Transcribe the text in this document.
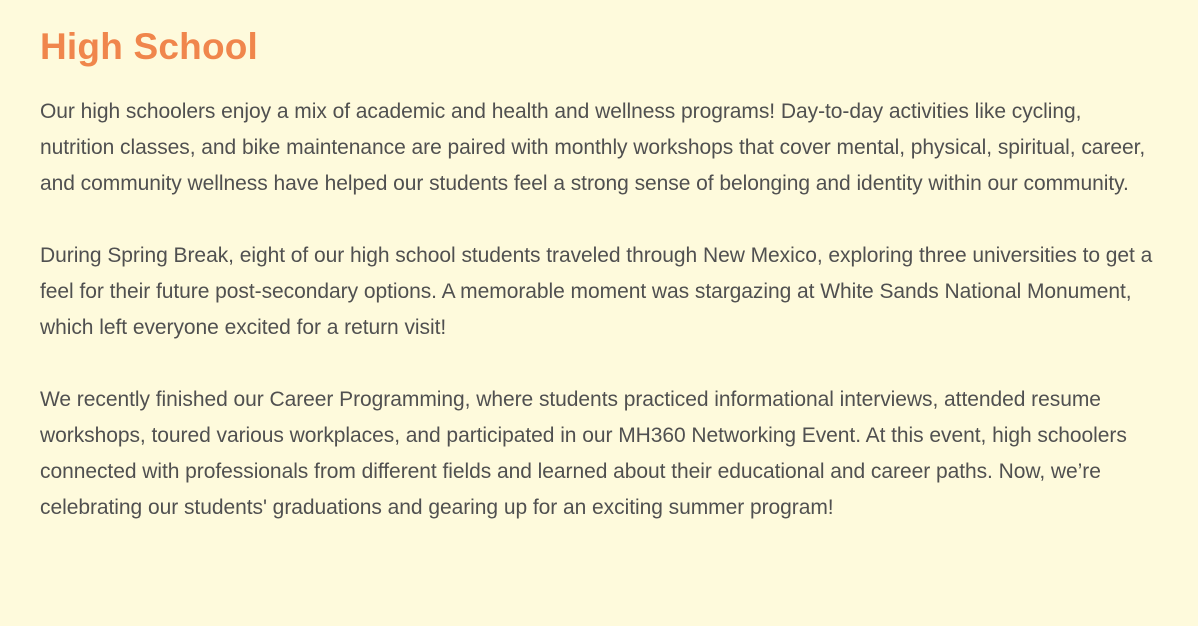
High School

Our high schoolers enjoy a mix of academic and health and wellness programs! Day-to-day activities like cycling, nutrition classes, and bike maintenance are paired with monthly workshops that cover mental, physical, spiritual, career, and community wellness have helped our students feel a strong sense of belonging and identity within our community.

During Spring Break, eight of our high school students traveled through New Mexico, exploring three universities to get a feel for their future post-secondary options. A memorable moment was stargazing at White Sands National Monument, which left everyone excited for a return visit!

We recently finished our Career Programming, where students practiced informational interviews, attended resume workshops, toured various workplaces, and participated in our MH360 Networking Event. At this event, high schoolers connected with professionals from different fields and learned about their educational and career paths. Now, we’re celebrating our students' graduations and gearing up for an exciting summer program!
